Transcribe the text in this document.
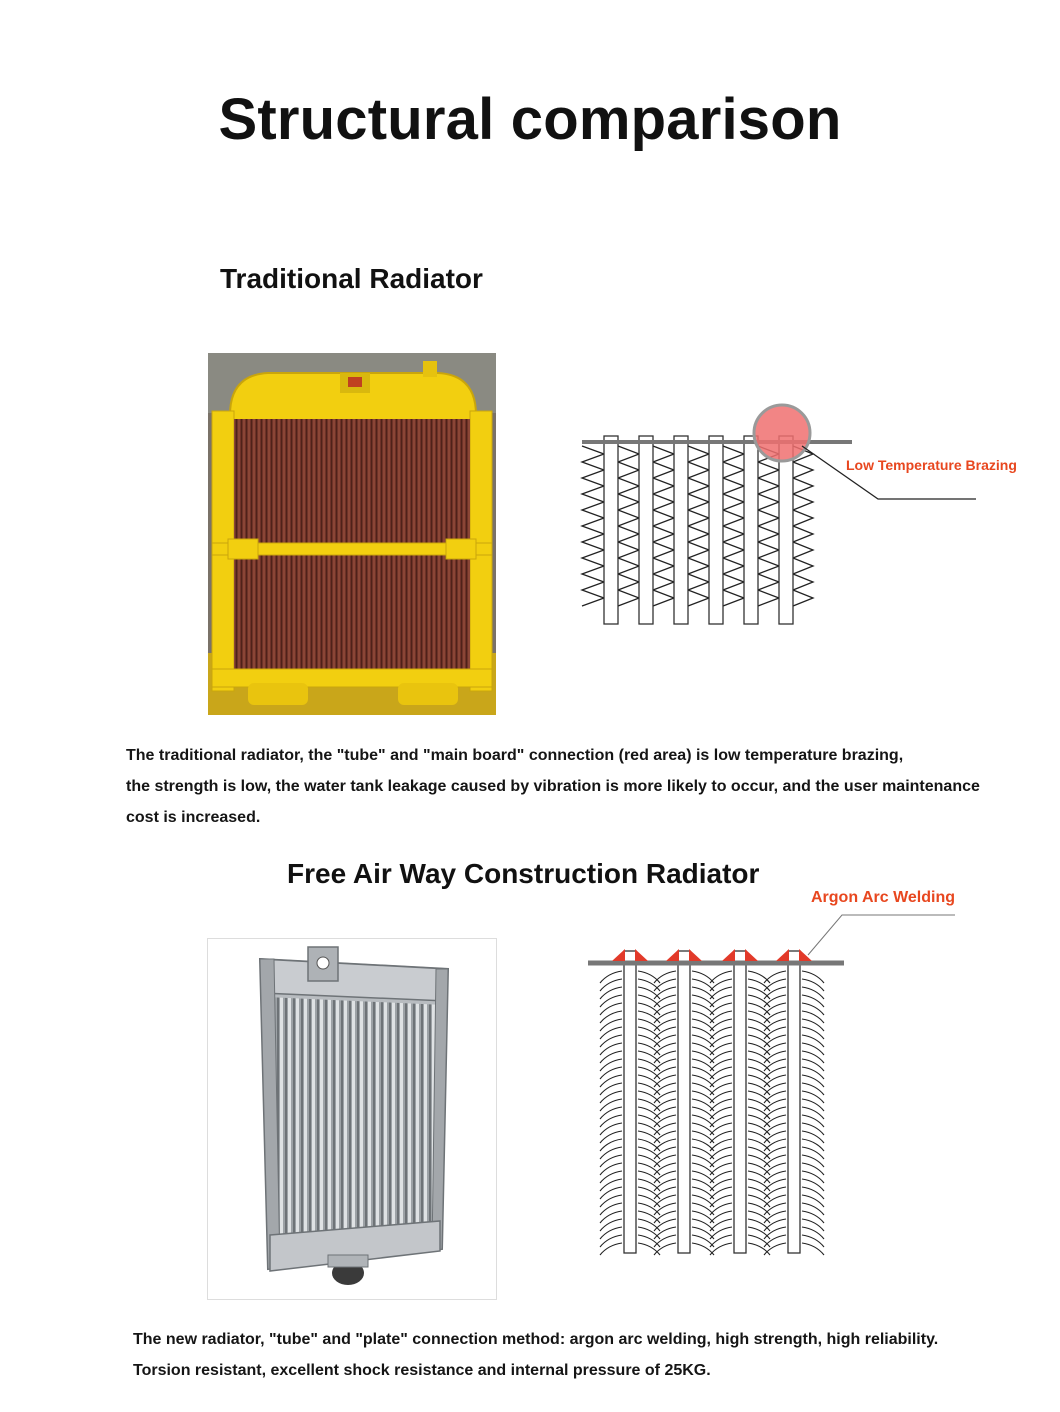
Structural comparison
Traditional Radiator
Low Temperature Brazing
The traditional radiator, the "tube" and "main board" connection (red area) is low temperature brazing,
the strength is low, the water tank leakage caused by vibration is more likely to occur, and the user maintenance
cost is increased.
Free Air Way Construction Radiator
Argon Arc Welding
The new radiator, "tube" and "plate" connection method: argon arc welding, high strength, high reliability.
Torsion resistant, excellent shock resistance and internal pressure of 25KG.
